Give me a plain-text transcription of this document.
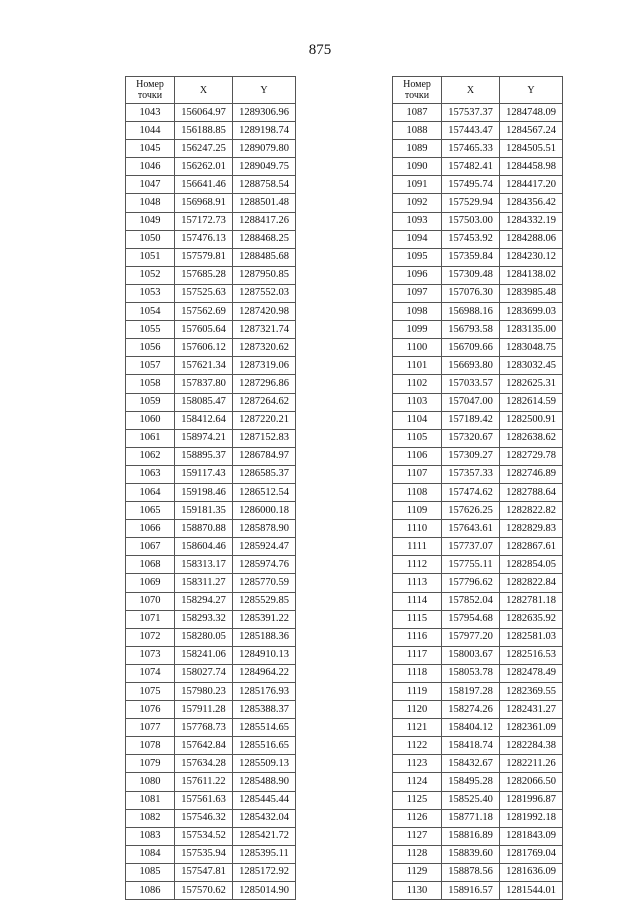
875
Номер
точки	X	Y
1043	156064.97	1289306.96
1044	156188.85	1289198.74
1045	156247.25	1289079.80
1046	156262.01	1289049.75
1047	156641.46	1288758.54
1048	156968.91	1288501.48
1049	157172.73	1288417.26
1050	157476.13	1288468.25
1051	157579.81	1288485.68
1052	157685.28	1287950.85
1053	157525.63	1287552.03
1054	157562.69	1287420.98
1055	157605.64	1287321.74
1056	157606.12	1287320.62
1057	157621.34	1287319.06
1058	157837.80	1287296.86
1059	158085.47	1287264.62
1060	158412.64	1287220.21
1061	158974.21	1287152.83
1062	158895.37	1286784.97
1063	159117.43	1286585.37
1064	159198.46	1286512.54
1065	159181.35	1286000.18
1066	158870.88	1285878.90
1067	158604.46	1285924.47
1068	158313.17	1285974.76
1069	158311.27	1285770.59
1070	158294.27	1285529.85
1071	158293.32	1285391.22
1072	158280.05	1285188.36
1073	158241.06	1284910.13
1074	158027.74	1284964.22
1075	157980.23	1285176.93
1076	157911.28	1285388.37
1077	157768.73	1285514.65
1078	157642.84	1285516.65
1079	157634.28	1285509.13
1080	157611.22	1285488.90
1081	157561.63	1285445.44
1082	157546.32	1285432.04
1083	157534.52	1285421.72
1084	157535.94	1285395.11
1085	157547.81	1285172.92
1086	157570.62	1285014.90
Номер
точки	X	Y
1087	157537.37	1284748.09
1088	157443.47	1284567.24
1089	157465.33	1284505.51
1090	157482.41	1284458.98
1091	157495.74	1284417.20
1092	157529.94	1284356.42
1093	157503.00	1284332.19
1094	157453.92	1284288.06
1095	157359.84	1284230.12
1096	157309.48	1284138.02
1097	157076.30	1283985.48
1098	156988.16	1283699.03
1099	156793.58	1283135.00
1100	156709.66	1283048.75
1101	156693.80	1283032.45
1102	157033.57	1282625.31
1103	157047.00	1282614.59
1104	157189.42	1282500.91
1105	157320.67	1282638.62
1106	157309.27	1282729.78
1107	157357.33	1282746.89
1108	157474.62	1282788.64
1109	157626.25	1282822.82
1110	157643.61	1282829.83
1111	157737.07	1282867.61
1112	157755.11	1282854.05
1113	157796.62	1282822.84
1114	157852.04	1282781.18
1115	157954.68	1282635.92
1116	157977.20	1282581.03
1117	158003.67	1282516.53
1118	158053.78	1282478.49
1119	158197.28	1282369.55
1120	158274.26	1282431.27
1121	158404.12	1282361.09
1122	158418.74	1282284.38
1123	158432.67	1282211.26
1124	158495.28	1282066.50
1125	158525.40	1281996.87
1126	158771.18	1281992.18
1127	158816.89	1281843.09
1128	158839.60	1281769.04
1129	158878.56	1281636.09
1130	158916.57	1281544.01
